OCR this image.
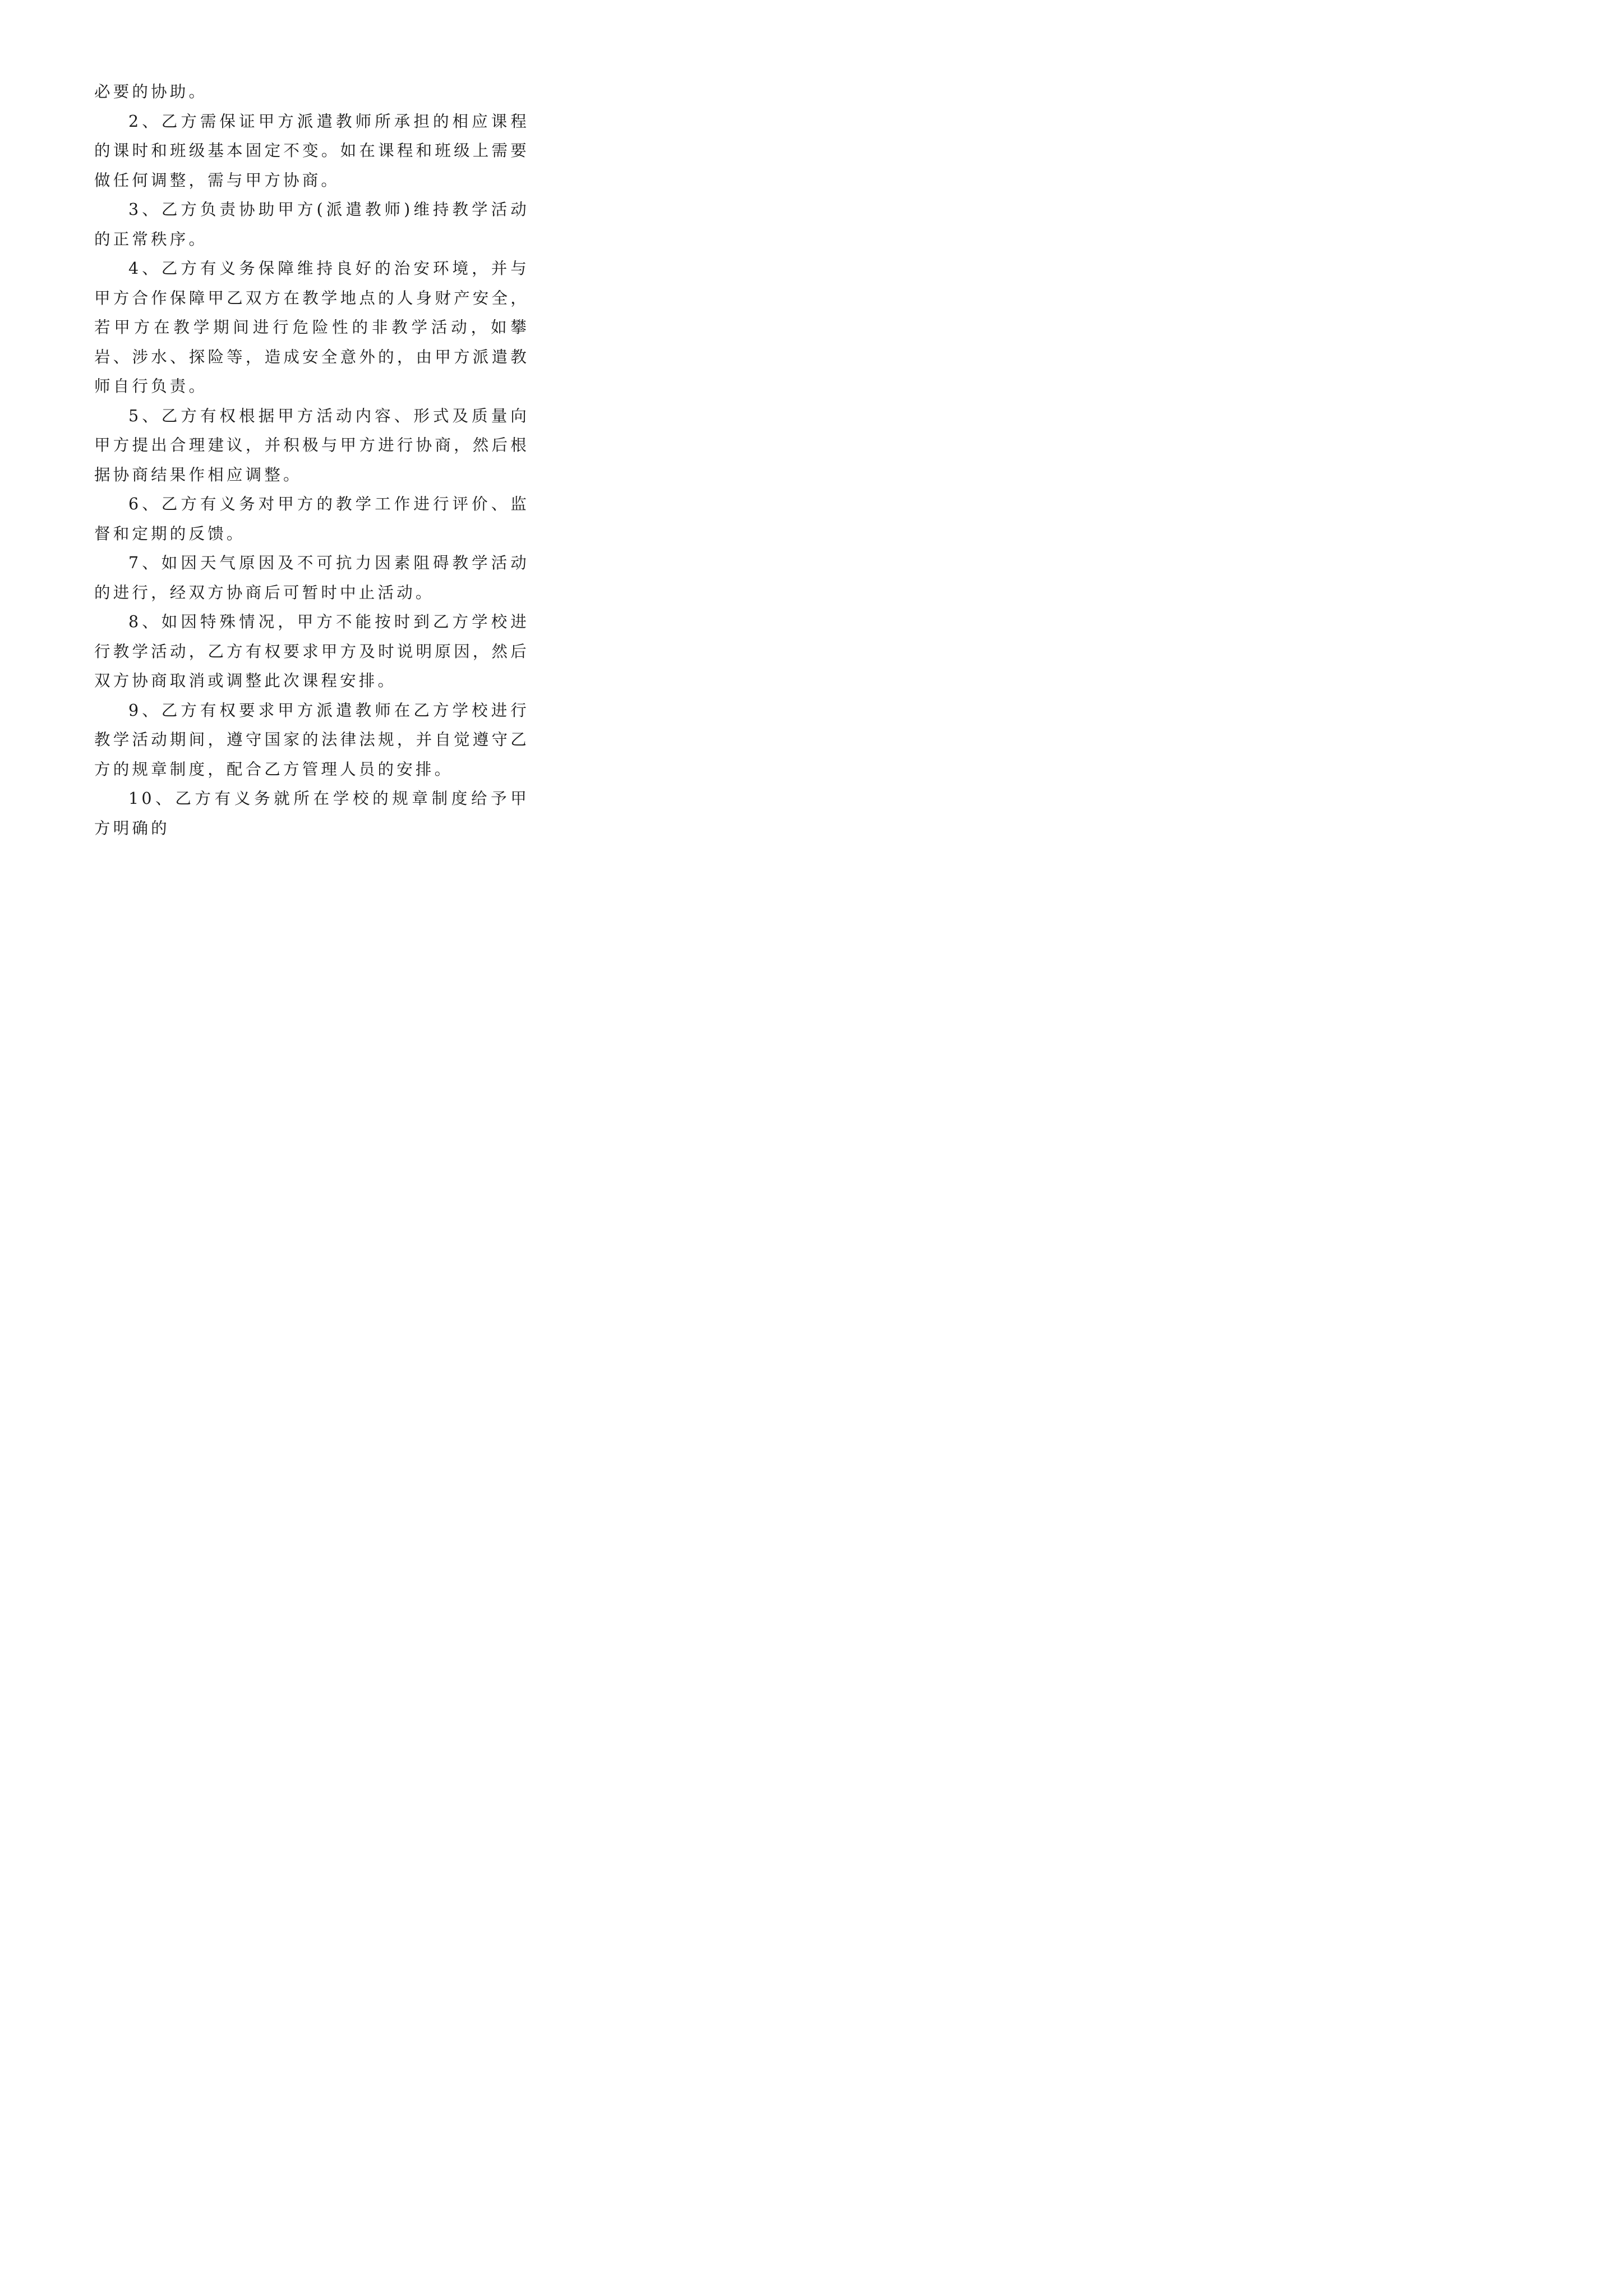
必要的协助。

2、乙方需保证甲方派遣教师所承担的相应课程的课时和班级基本固定不变。如在课程和班级上需要做任何调整，需与甲方协商。

3、乙方负责协助甲方(派遣教师)维持教学活动的正常秩序。

4、乙方有义务保障维持良好的治安环境，并与甲方合作保障甲乙双方在教学地点的人身财产安全，若甲方在教学期间进行危险性的非教学活动，如攀岩、涉水、探险等，造成安全意外的，由甲方派遣教师自行负责。

5、乙方有权根据甲方活动内容、形式及质量向甲方提出合理建议，并积极与甲方进行协商，然后根据协商结果作相应调整。

6、乙方有义务对甲方的教学工作进行评价、监督和定期的反馈。

7、如因天气原因及不可抗力因素阻碍教学活动的进行，经双方协商后可暂时中止活动。

8、如因特殊情况，甲方不能按时到乙方学校进行教学活动，乙方有权要求甲方及时说明原因，然后双方协商取消或调整此次课程安排。

9、乙方有权要求甲方派遣教师在乙方学校进行教学活动期间，遵守国家的法律法规，并自觉遵守乙方的规章制度，配合乙方管理人员的安排。

10、乙方有义务就所在学校的规章制度给予甲方明确的
